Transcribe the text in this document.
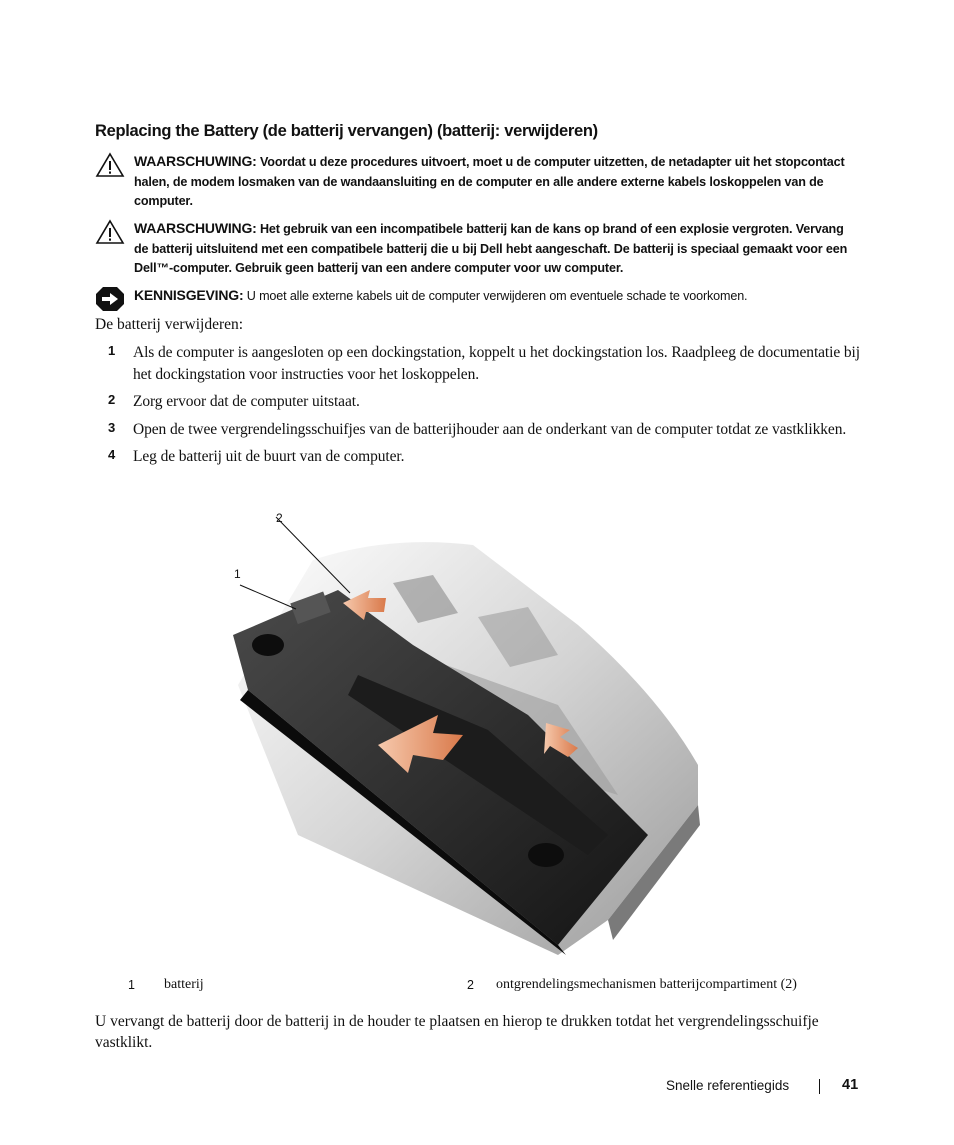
Replacing the Battery (de batterij vervangen) (batterij: verwijderen)
WAARSCHUWING: Voordat u deze procedures uitvoert, moet u de computer uitzetten, de netadapter uit het stopcontact halen, de modem losmaken van de wandaansluiting en de computer en alle andere externe kabels loskoppelen van de computer.
WAARSCHUWING: Het gebruik van een incompatibele batterij kan de kans op brand of een explosie vergroten. Vervang de batterij uitsluitend met een compatibele batterij die u bij Dell hebt aangeschaft. De batterij is speciaal gemaakt voor een Dell™-computer. Gebruik geen batterij van een andere computer voor uw computer.
KENNISGEVING: U moet alle externe kabels uit de computer verwijderen om eventuele schade te voorkomen.
De batterij verwijderen:
1 Als de computer is aangesloten op een dockingstation, koppelt u het dockingstation los. Raadpleeg de documentatie bij het dockingstation voor instructies voor het loskoppelen.
2 Zorg ervoor dat de computer uitstaat.
3 Open de twee vergrendelingsschuifjes van de batterijhouder aan de onderkant van de computer totdat ze vastklikken.
4 Leg de batterij uit de buurt van de computer.
2
1
1 batterij	2 ontgrendelingsmechanismen batterijcompartiment (2)
U vervangt de batterij door de batterij in de houder te plaatsen en hierop te drukken totdat het vergrendelingsschuifje vastklikt.
Snelle referentiegids	41
